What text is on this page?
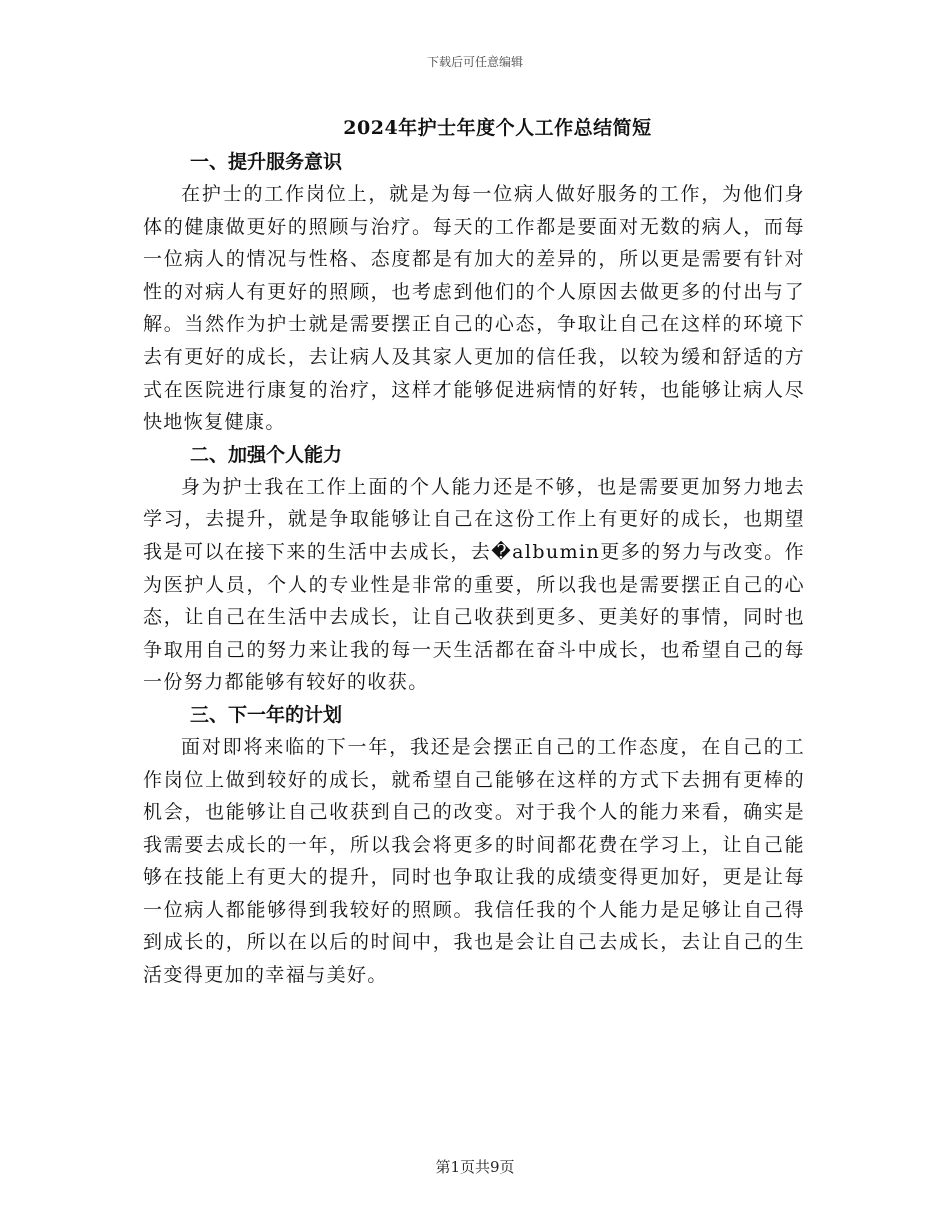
下载后可任意编辑
2024年护士年度个人工作总结简短
一、提升服务意识

在护士的工作岗位上，就是为每一位病人做好服务的工作，为他们身体的健康做更好的照顾与治疗。每天的工作都是要面对无数的病人，而每一位病人的情况与性格、态度都是有加大的差异的，所以更是需要有针对性的对病人有更好的照顾，也考虑到他们的个人原因去做更多的付出与了解。当然作为护士就是需要摆正自己的心态，争取让自己在这样的环境下去有更好的成长，去让病人及其家人更加的信任我，以较为缓和舒适的方式在医院进行康复的治疗，这样才能够促进病情的好转，也能够让病人尽快地恢复健康。

二、加强个人能力

身为护士我在工作上面的个人能力还是不够，也是需要更加努力地去学习，去提升，就是争取能够让自己在这份工作上有更好的成长，也期望我是可以在接下来的生活中去成长，去�albumin更多的努力与改变。作为医护人员，个人的专业性是非常的重要，所以我也是需要摆正自己的心态，让自己在生活中去成长，让自己收获到更多、更美好的事情，同时也争取用自己的努力来让我的每一天生活都在奋斗中成长，也希望自己的每一份努力都能够有较好的收获。

三、下一年的计划

面对即将来临的下一年，我还是会摆正自己的工作态度，在自己的工作岗位上做到较好的成长，就希望自己能够在这样的方式下去拥有更棒的机会，也能够让自己收获到自己的改变。对于我个人的能力来看，确实是我需要去成长的一年，所以我会将更多的时间都花费在学习上，让自己能够在技能上有更大的提升，同时也争取让我的成绩变得更加好，更是让每一位病人都能够得到我较好的照顾。我信任我的个人能力是足够让自己得到成长的，所以在以后的时间中，我也是会让自己去成长，去让自己的生活变得更加的幸福与美好。

第1页共9页
